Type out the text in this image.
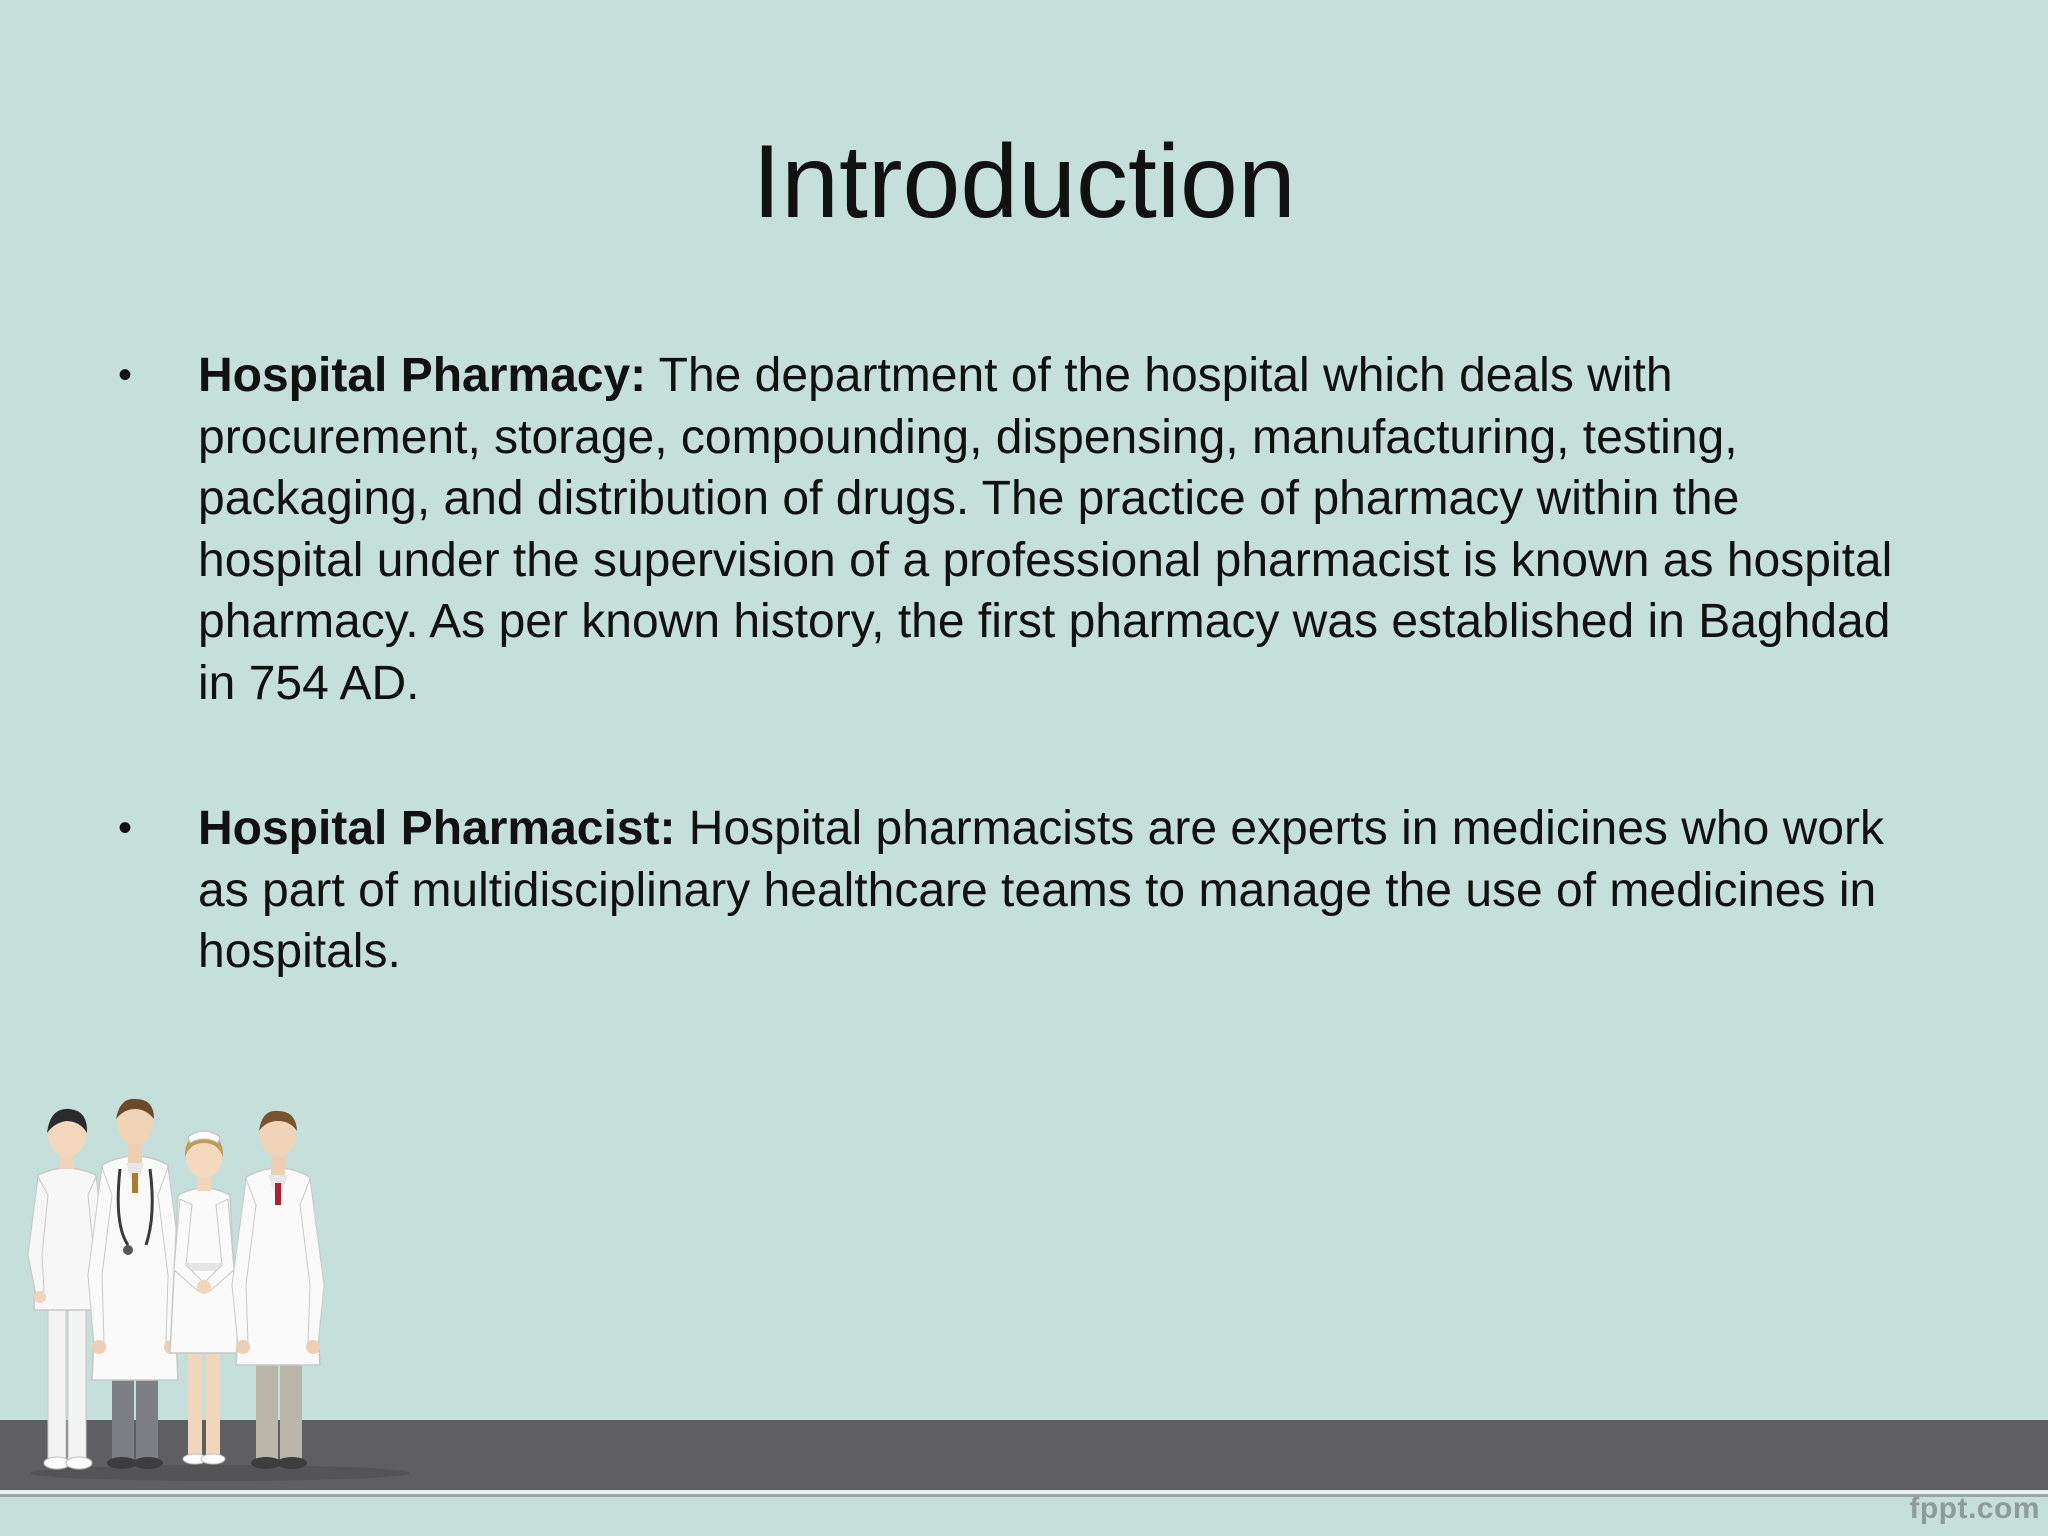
Introduction
•	Hospital Pharmacy: The department of the hospital which deals with procurement, storage, compounding, dispensing, manufacturing, testing, packaging, and distribution of drugs. The practice of pharmacy within the hospital under the supervision of a professional pharmacist is known as hospital pharmacy. As per known history, the first pharmacy was established in Baghdad in 754 AD.
•	Hospital Pharmacist: Hospital pharmacists are experts in medicines who work as part of multidisciplinary healthcare teams to manage the use of medicines in hospitals.
fppt.com
